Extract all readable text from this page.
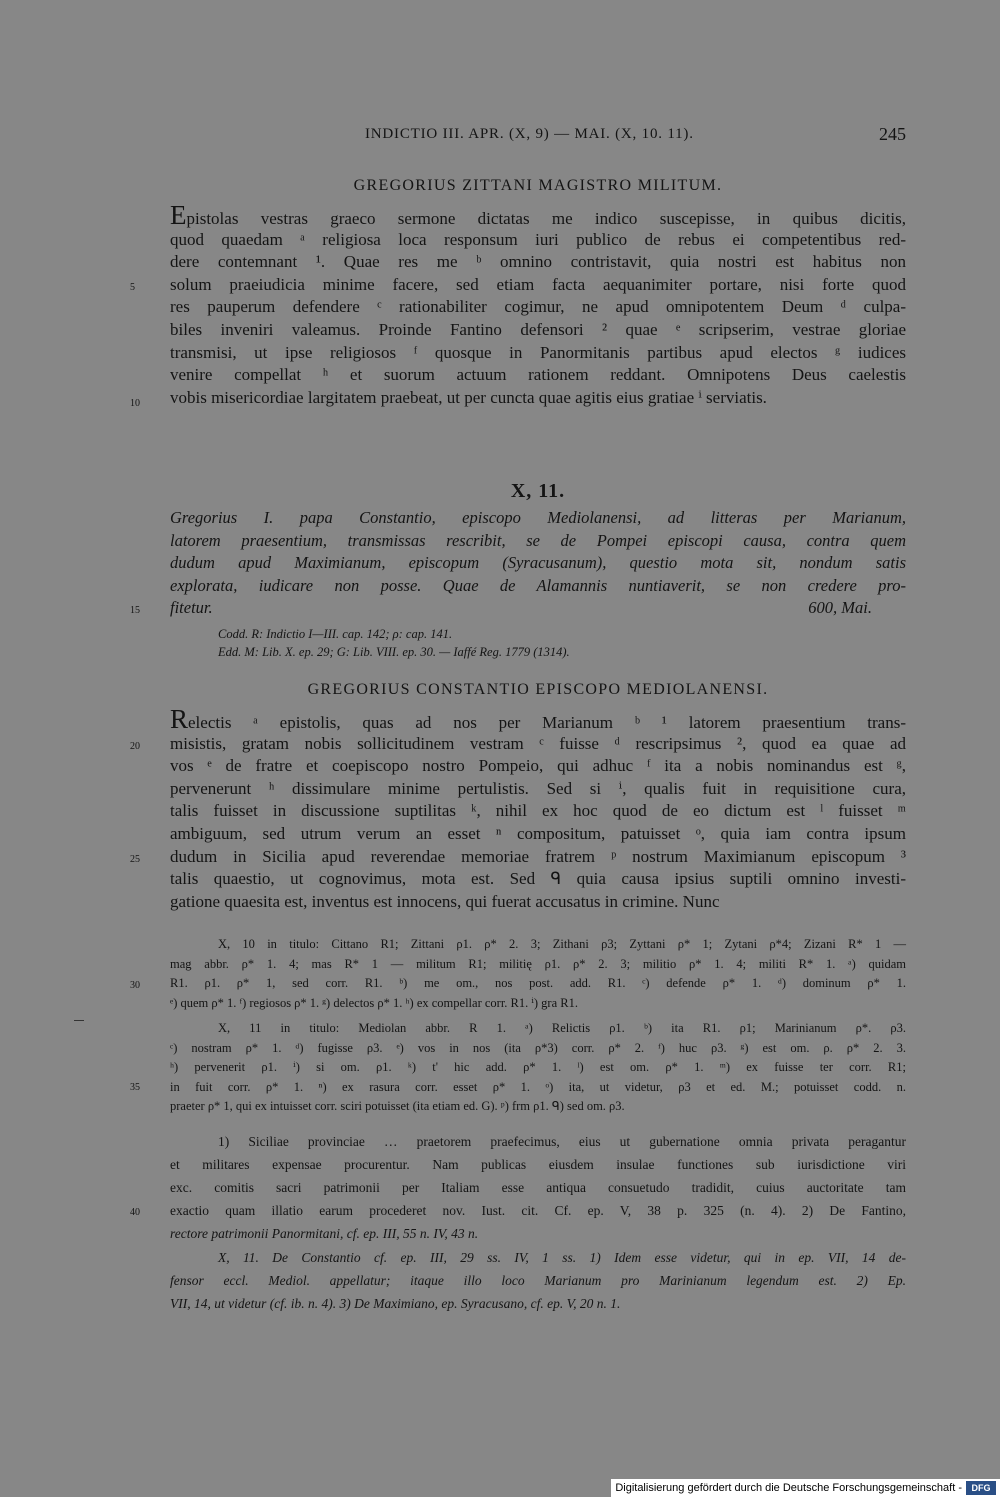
INDICTIO III. APR. (X, 9) — MAI. (X, 10. 11).	245
GREGORIUS ZITTANI MAGISTRO MILITUM.
Epistolas vestras graeco sermone dictatas me indico suscepisse, in quibus dicitis,
quod quaedam ᵃ religiosa loca responsum iuri publico de rebus ei competentibus red-
dere contemnant ¹. Quae res me ᵇ omnino contristavit, quia nostri est habitus non
solum praeiudicia minime facere, sed etiam facta aequanimiter portare, nisi forte quod
res pauperum defendere ᶜ rationabiliter cogimur, ne apud omnipotentem Deum ᵈ culpa-
biles inveniri valeamus. Proinde Fantino defensori ² quae ᵉ scripserim, vestrae gloriae
transmisi, ut ipse religiosos ᶠ quosque in Panormitanis partibus apud electos ᵍ iudices
venire compellat ʰ et suorum actuum rationem reddant. Omnipotens Deus caelestis
vobis misericordiae largitatem praebeat, ut per cuncta quae agitis eius gratiae ⁱ serviatis.
5
10
X, 11.
Gregorius I. papa Constantio, episcopo Mediolanensi, ad litteras per Marianum,
latorem praesentium, transmissas rescribit, se de Pompei episcopi causa, contra quem
dudum apud Maximianum, episcopum (Syracusanum), questio mota sit, nondum satis
explorata, iudicare non posse. Quae de Alamannis nuntiaverit, se non credere pro-
fitetur.	600, Mai.
15
Codd. R: Indictio I—III. cap. 142; ρ: cap. 141.
Edd. M: Lib. X. ep. 29; G: Lib. VIII. ep. 30. — Iaffé Reg. 1779 (1314).
GREGORIUS CONSTANTIO EPISCOPO MEDIOLANENSI.
Relectis ᵃ epistolis, quas ad nos per Marianum ᵇ ¹ latorem praesentium trans-
misistis, gratam nobis sollicitudinem vestram ᶜ fuisse ᵈ rescripsimus ², quod ea quae ad
vos ᵉ de fratre et coepiscopo nostro Pompeio, qui adhuc ᶠ ita a nobis nominandus est ᵍ,
pervenerunt ʰ dissimulare minime pertulistis. Sed si ⁱ, qualis fuit in requisitione cura,
talis fuisset in discussione suptilitas ᵏ, nihil ex hoc quod de eo dictum est ˡ fuisset ᵐ
ambiguum, sed utrum verum an esset ⁿ compositum, patuisset ᵒ, quia iam contra ipsum
dudum in Sicilia apud reverendae memoriae fratrem ᵖ nostrum Maximianum episcopum ³
talis quaestio, ut cognovimus, mota est. Sed ᑫ quia causa ipsius suptili omnino investi-
gatione quaesita est, inventus est innocens, qui fuerat accusatus in crimine. Nunc
20
25
X, 10 in titulo: Cittano R1; Zittani ρ1. ρ* 2. 3; Zithani ρ3; Zyttani ρ* 1; Zytani ρ*4; Zizani R* 1 —
mag abbr. ρ* 1. 4; mas R* 1 — militum R1; militię ρ1. ρ* 2. 3; militio ρ* 1. 4; militi R* 1. ᵃ) quidam
R1. ρ1. ρ* 1, sed corr. R1. ᵇ) me om., nos post. add. R1. ᶜ) defende ρ* 1. ᵈ) dominum ρ* 1.
ᵉ) quem ρ* 1. ᶠ) regiosos ρ* 1. ᵍ) delectos ρ* 1. ʰ) ex compellar corr. R1. ⁱ) gra R1.
30
X, 11 in titulo: Mediolan abbr. R 1. ᵃ) Relictis ρ1. ᵇ) ita R1. ρ1; Marinianum ρ*. ρ3.
ᶜ) nostram ρ* 1. ᵈ) fugisse ρ3. ᵉ) vos in nos (ita ρ*3) corr. ρ* 2. ᶠ) huc ρ3. ᵍ) est om. ρ. ρ* 2. 3.
ʰ) pervenerit ρ1. ⁱ) si om. ρ1. ᵏ) t' hic add. ρ* 1. ˡ) est om. ρ* 1. ᵐ) ex fuisse ter corr. R1;
in fuit corr. ρ* 1. ⁿ) ex rasura corr. esset ρ* 1. ᵒ) ita, ut videtur, ρ3 et ed. M.; potuisset codd. n.
praeter ρ* 1, qui ex intuisset corr. sciri potuisset (ita etiam ed. G). ᵖ) frm ρ1. ᑫ) sed om. ρ3.
35
1) Siciliae provinciae … praetorem praefecimus, eius ut gubernatione omnia privata peragantur
et militares expensae procurentur. Nam publicas eiusdem insulae functiones sub iurisdictione viri
exc. comitis sacri patrimonii per Italiam esse antiqua consuetudo tradidit, cuius auctoritate tam
exactio quam illatio earum procederet nov. Iust. cit. Cf. ep. V, 38 p. 325 (n. 4). 2) De Fantino,
rectore patrimonii Panormitani, cf. ep. III, 55 n. IV, 43 n.
40
X, 11. De Constantio cf. ep. III, 29 ss. IV, 1 ss. 1) Idem esse videtur, qui in ep. VII, 14 de-
fensor eccl. Mediol. appellatur; itaque illo loco Marianum pro Marinianum legendum est. 2) Ep.
VII, 14, ut videtur (cf. ib. n. 4). 3) De Maximiano, ep. Syracusano, cf. ep. V, 20 n. 1.
Digitalisierung gefördert durch die Deutsche Forschungsgemeinschaft -	DFG
